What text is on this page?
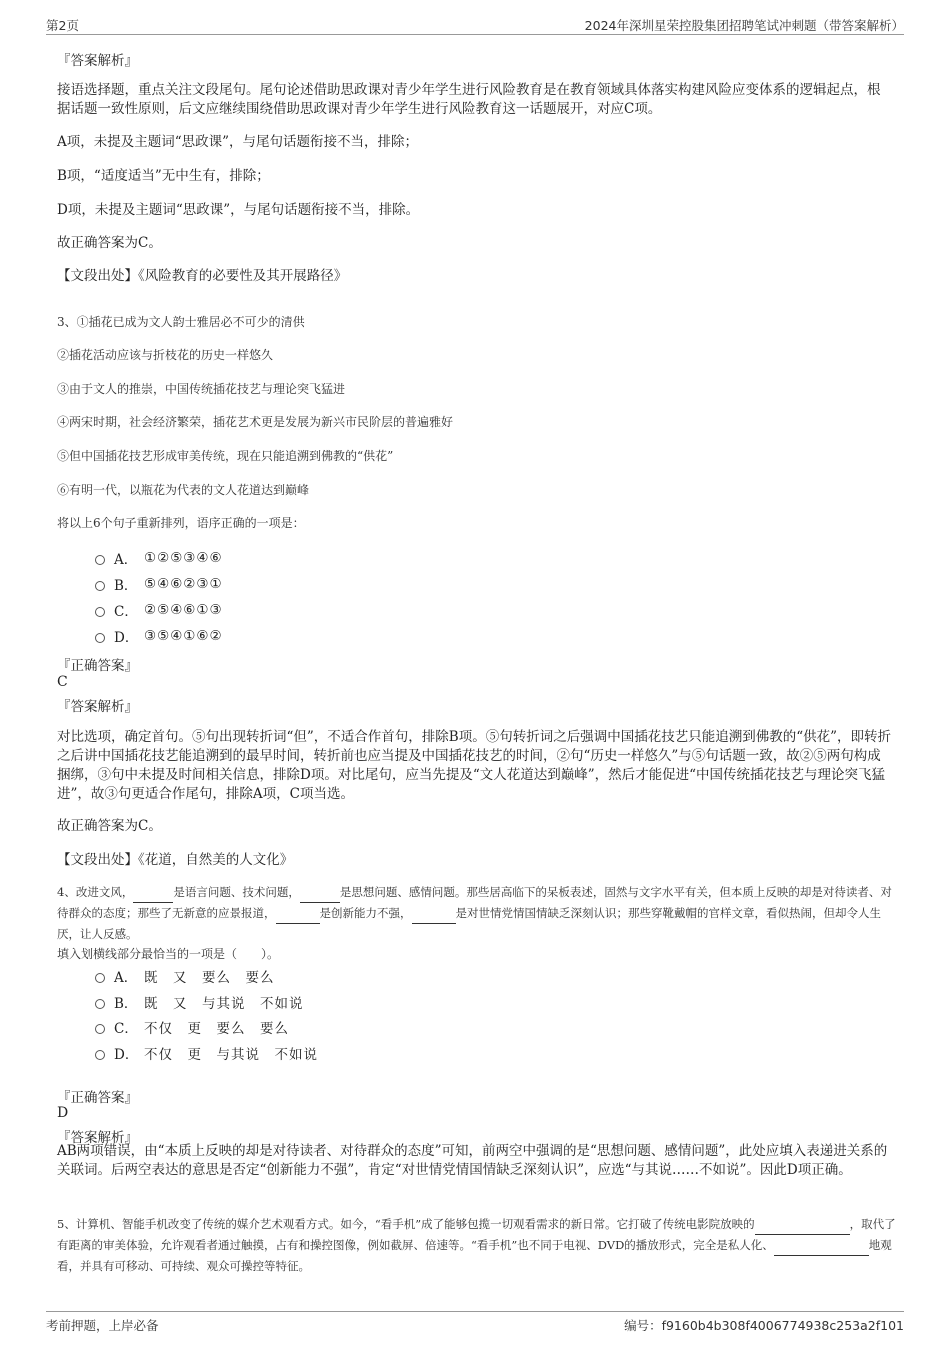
第2页	2024年深圳星荣控股集团招聘笔试冲刺题（带答案解析）
『答案解析』
接语选择题，重点关注文段尾句。尾句论述借助思政课对青少年学生进行风险教育是在教育领域具体落实构建风险应变体系的逻辑起点，根据话题一致性原则，后文应继续围绕借助思政课对青少年学生进行风险教育这一话题展开，对应C项。
A项，未提及主题词“思政课”，与尾句话题衔接不当，排除；
B项，“适度适当”无中生有，排除；
D项，未提及主题词“思政课”，与尾句话题衔接不当，排除。
故正确答案为C。
【文段出处】《风险教育的必要性及其开展路径》
3、①插花已成为文人韵士雅居必不可少的清供
②插花活动应该与折枝花的历史一样悠久
③由于文人的推崇，中国传统插花技艺与理论突飞猛进
④两宋时期，社会经济繁荣，插花艺术更是发展为新兴市民阶层的普遍雅好
⑤但中国插花技艺形成审美传统，现在只能追溯到佛教的“供花”
⑥有明一代，以瓶花为代表的文人花道达到巅峰
将以上6个句子重新排列，语序正确的一项是：
A． ①②⑤③④⑥
B． ⑤④⑥②③①
C． ②⑤④⑥①③
D． ③⑤④①⑥②
『正确答案』
C
『答案解析』
对比选项，确定首句。⑤句出现转折词“但”，不适合作首句，排除B项。⑤句转折词之后强调中国插花技艺只能追溯到佛教的“供花”，即转折之后讲中国插花技艺能追溯到的最早时间，转折前也应当提及中国插花技艺的时间，②句“历史一样悠久”与⑤句话题一致，故②⑤两句构成捆绑，③句中未提及时间相关信息，排除D项。对比尾句，应当先提及“文人花道达到巅峰”，然后才能促进“中国传统插花技艺与理论突飞猛进”，故③句更适合作尾句，排除A项，C项当选。
故正确答案为C。
【文段出处】《花道，自然美的人文化》
4、改进文风，	是语言问题、技术问题，	是思想问题、感情问题。那些居高临下的呆板表述，固然与文字水平有关，但本质上反映的却是对待读者、对待群众的态度；那些了无新意的应景报道，	是创新能力不强，	是对世情党情国情缺乏深刻认识；那些穿靴戴帽的官样文章，看似热闹，但却令人生厌，让人反感。
填入划横线部分最恰当的一项是（　　）。
A． 既　又　要么　要么
B． 既　又　与其说　不如说
C． 不仅　更　要么　要么
D． 不仅　更　与其说　不如说
『正确答案』
D
『答案解析』
AB两项错误，由“本质上反映的却是对待读者、对待群众的态度”可知，前两空中强调的是“思想问题、感情问题”，此处应填入表递进关系的关联词。后两空表达的意思是否定“创新能力不强”，肯定“对世情党情国情缺乏深刻认识”，应选“与其说……不如说”。因此D项正确。
5、计算机、智能手机改变了传统的媒介艺术观看方式。如今，“看手机”成了能够包揽一切观看需求的新日常。它打破了传统电影院放映的	，取代了有距离的审美体验，允许观看者通过触摸，占有和操控图像，例如截屏、倍速等。“看手机”也不同于电视、DVD的播放形式，完全是私人化、	地观看，并具有可移动、可持续、观众可操控等特征。
考前押题，上岸必备	编号：f9160b4b308f4006774938c253a2f101
